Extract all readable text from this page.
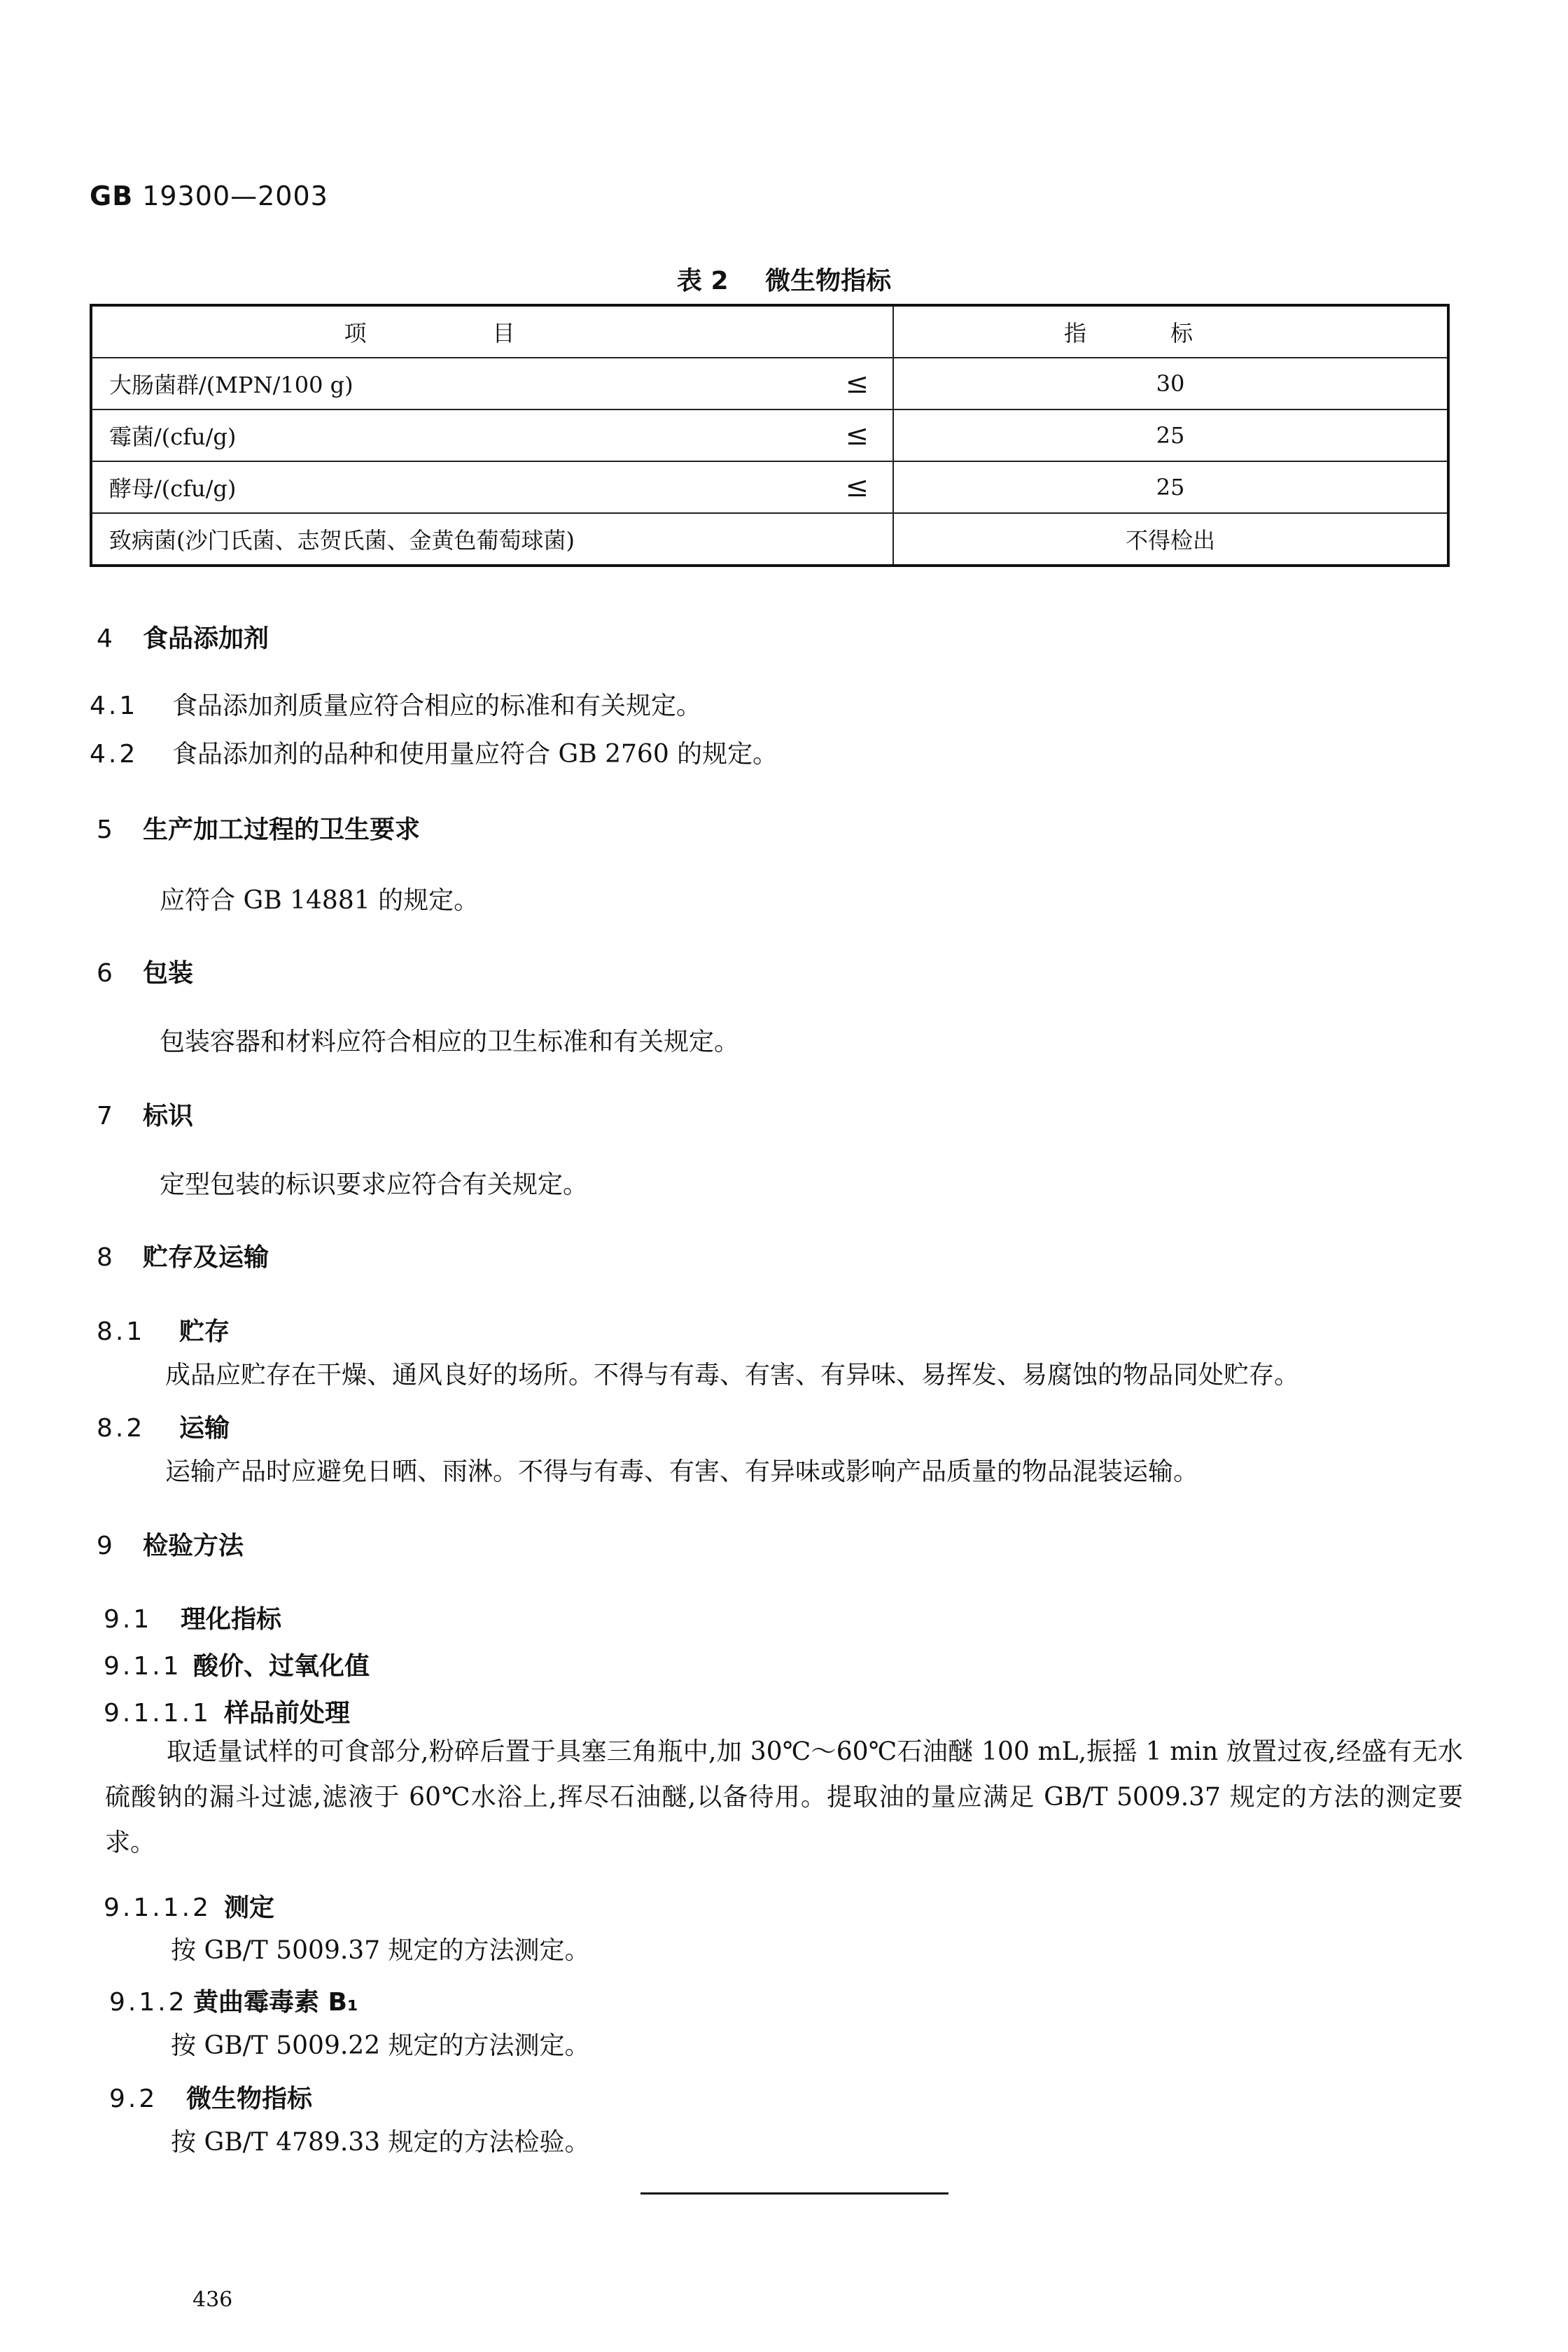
GB 19300—2003
表 2 微生物指标
项目	指标
大肠菌群/(MPN/100 g) ≤	30
霉菌/(cfu/g) ≤	25
酵母/(cfu/g) ≤	25
致病菌(沙门氏菌、志贺氏菌、金黄色葡萄球菌)	不得检出
4 食品添加剂
4.1 食品添加剂质量应符合相应的标准和有关规定。
4.2 食品添加剂的品种和使用量应符合 GB 2760 的规定。
5 生产加工过程的卫生要求
应符合 GB 14881 的规定。
6 包装
包装容器和材料应符合相应的卫生标准和有关规定。
7 标识
定型包装的标识要求应符合有关规定。
8 贮存及运输
8.1 贮存
成品应贮存在干燥、通风良好的场所。不得与有毒、有害、有异味、易挥发、易腐蚀的物品同处贮存。
8.2 运输
运输产品时应避免日晒、雨淋。不得与有毒、有害、有异味或影响产品质量的物品混装运输。
9 检验方法
9.1 理化指标
9.1.1 酸价、过氧化值
9.1.1.1 样品前处理
取适量试样的可食部分,粉碎后置于具塞三角瓶中,加 30℃～60℃石油醚 100 mL,振摇 1 min 放置过夜,经盛有无水硫酸钠的漏斗过滤,滤液于 60℃水浴上,挥尽石油醚,以备待用。提取油的量应满足 GB/T 5009.37 规定的方法的测定要求。
9.1.1.2 测定
按 GB/T 5009.37 规定的方法测定。
9.1.2 黄曲霉毒素 B₁
按 GB/T 5009.22 规定的方法测定。
9.2 微生物指标
按 GB/T 4789.33 规定的方法检验。
436
